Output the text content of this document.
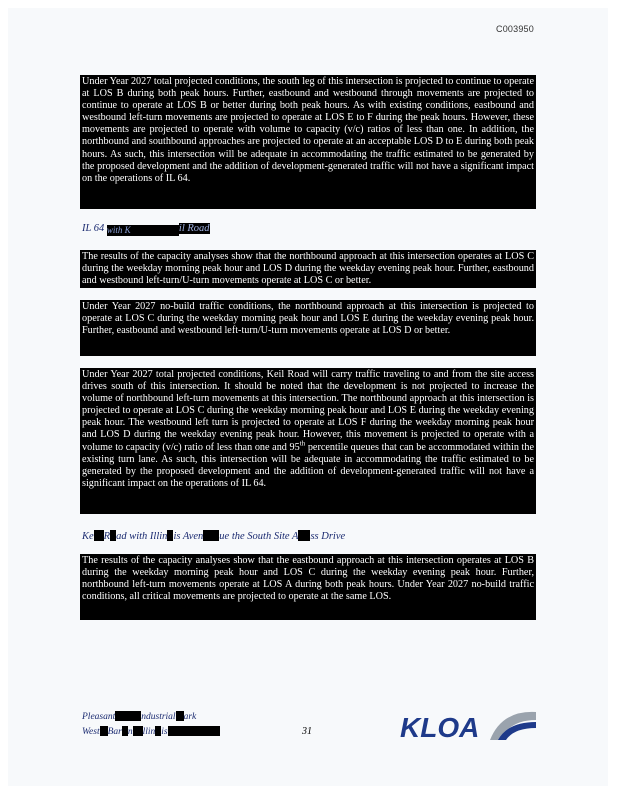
C003950
Under Year 2027 total projected conditions, the south leg of this intersection is projected to continue to operate at LOS B during both peak hours. Further, eastbound and westbound through movements are projected to continue to operate at LOS B or better during both peak hours. As with existing conditions, eastbound and westbound left-turn movements are projected to operate at LOS E to F during the peak hours. However, these movements are projected to operate with volume to capacity (v/c) ratios of less than one. In addition, the northbound and southbound approaches are projected to operate at an acceptable LOS D to E during both peak hours. As such, this intersection will be adequate in accommodating the traffic estimated to be generated by the proposed development and the addition of development-generated traffic will not have a significant impact on the operations of IL 64.
IL 64 with K	il Road
The results of the capacity analyses show that the northbound approach at this intersection operates at LOS C during the weekday morning peak hour and LOS D during the weekday evening peak hour. Further, eastbound and westbound left-turn/U-turn movements operate at LOS C or better.
Under Year 2027 no-build traffic conditions, the northbound approach at this intersection is projected to operate at LOS C during the weekday morning peak hour and LOS E during the weekday evening peak hour. Further, eastbound and westbound left-turn/U-turn movements operate at LOS D or better.
Under Year 2027 total projected conditions, Keil Road will carry traffic traveling to and from the site access drives south of this intersection. It should be noted that the development is not projected to increase the volume of northbound left-turn movements at this intersection. The northbound approach at this intersection is projected to operate at LOS C during the weekday morning peak hour and LOS E during the weekday evening peak hour. The westbound left turn is projected to operate at LOS F during the weekday morning peak hour and LOS D during the weekday evening peak hour. However, this movement is projected to operate with a volume to capacity (v/c) ratio of less than one and 95th percentile queues that can be accommodated within the existing turn lane. As such, this intersection will be adequate in accommodating the traffic estimated to be generated by the proposed development and the addition of development-generated traffic will not have a significant impact on the operations of IL 64.
Ke R ad with Illin is Aven ue the South Site A ss Drive
The results of the capacity analyses show that the eastbound approach at this intersection operates at LOS B during the weekday morning peak hour and LOS C during the weekday evening peak hour. Further, northbound left-turn movements operate at LOS A during both peak hours. Under Year 2027 no-build traffic conditions, all critical movements are projected to operate at the same LOS.
Pleasant	ndustrial ark
West Bar n llin is	31	KLOA
